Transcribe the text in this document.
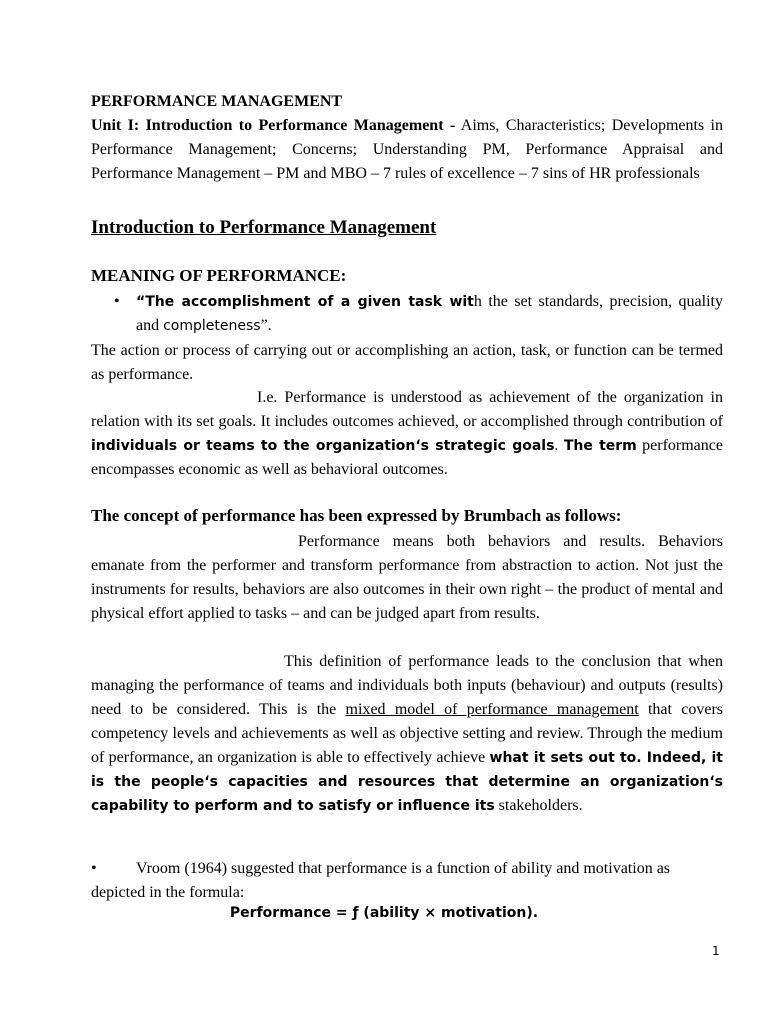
PERFORMANCE MANAGEMENT
Unit I: Introduction to Performance Management - Aims, Characteristics; Developments in Performance Management; Concerns; Understanding PM, Performance Appraisal and Performance Management – PM and MBO – 7 rules of excellence – 7 sins of HR professionals
Introduction to Performance Management
MEANING OF PERFORMANCE:
• “The accomplishment of a given task with the set standards, precision, quality and completeness”.
The action or process of carrying out or accomplishing an action, task, or function can be termed as performance.
I.e. Performance is understood as achievement of the organization in relation with its set goals. It includes outcomes achieved, or accomplished through contribution of individuals or teams to the organization‘s strategic goals. The term performance encompasses economic as well as behavioral outcomes.
The concept of performance has been expressed by Brumbach as follows:
Performance means both behaviors and results. Behaviors emanate from the performer and transform performance from abstraction to action. Not just the instruments for results, behaviors are also outcomes in their own right – the product of mental and physical effort applied to tasks – and can be judged apart from results.
This definition of performance leads to the conclusion that when managing the performance of teams and individuals both inputs (behaviour) and outputs (results) need to be considered. This is the mixed model of performance management that covers competency levels and achievements as well as objective setting and review. Through the medium of performance, an organization is able to effectively achieve what it sets out to. Indeed, it is the people‘s capacities and resources that determine an organization‘s capability to perform and to satisfy or influence its stakeholders.
•	Vroom (1964) suggested that performance is a function of ability and motivation as depicted in the formula:
Performance = ƒ (ability × motivation).
1
